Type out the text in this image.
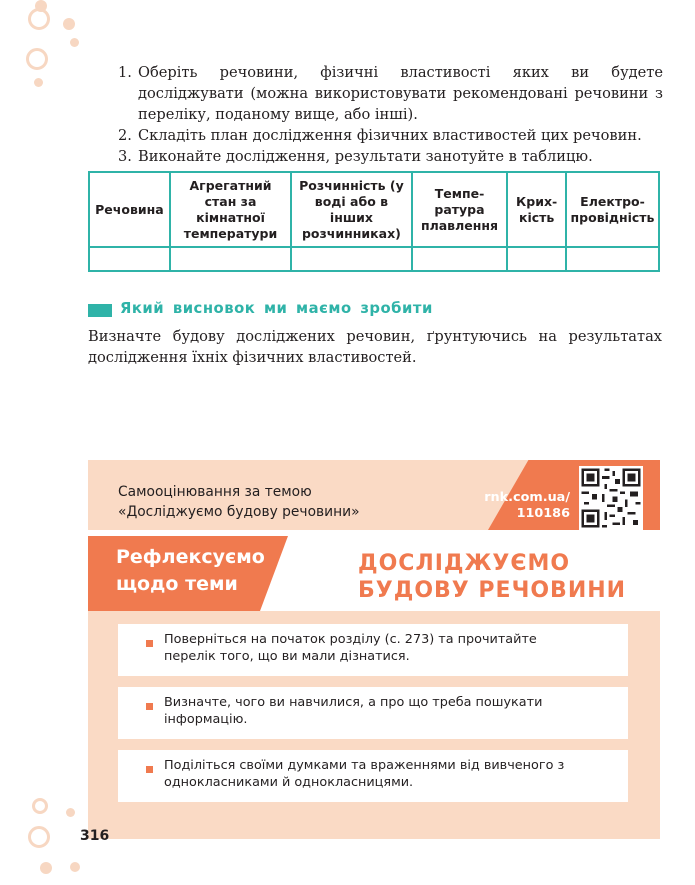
1. Оберіть речовини, фізичні властивості яких ви будете досліджувати (можна використовувати рекомендовані речовини з переліку, поданому вище, або інші).
2. Складіть план дослідження фізичних властивостей цих речовин.
3. Виконайте дослідження, результати занотуйте в таблицю.
Речовина	Агрегатний стан за кімнатної температури	Розчинність (у воді або в інших розчинниках)	Темпе-ратура плавлення	Крих-кість	Електро-провідність

Який висновок ми маємо зробити
Визначте будову досліджених речовин, ґрунтуючись на результатах дослідження їхніх фізичних властивостей.
Самооцінювання за темою
«Досліджуємо будову речовини»
rnk.com.ua/
110186
Рефлексуємо
щодо теми
ДОСЛІДЖУЄМО
БУДОВУ РЕЧОВИНИ
Поверніться на початок розділу (с. 273) та прочитайте перелік того, що ви мали дізнатися.
Визначте, чого ви навчилися, а про що треба пошукати інформацію.
Поділіться своїми думками та враженнями від вивченого з однокласниками й однокласницями.
316
